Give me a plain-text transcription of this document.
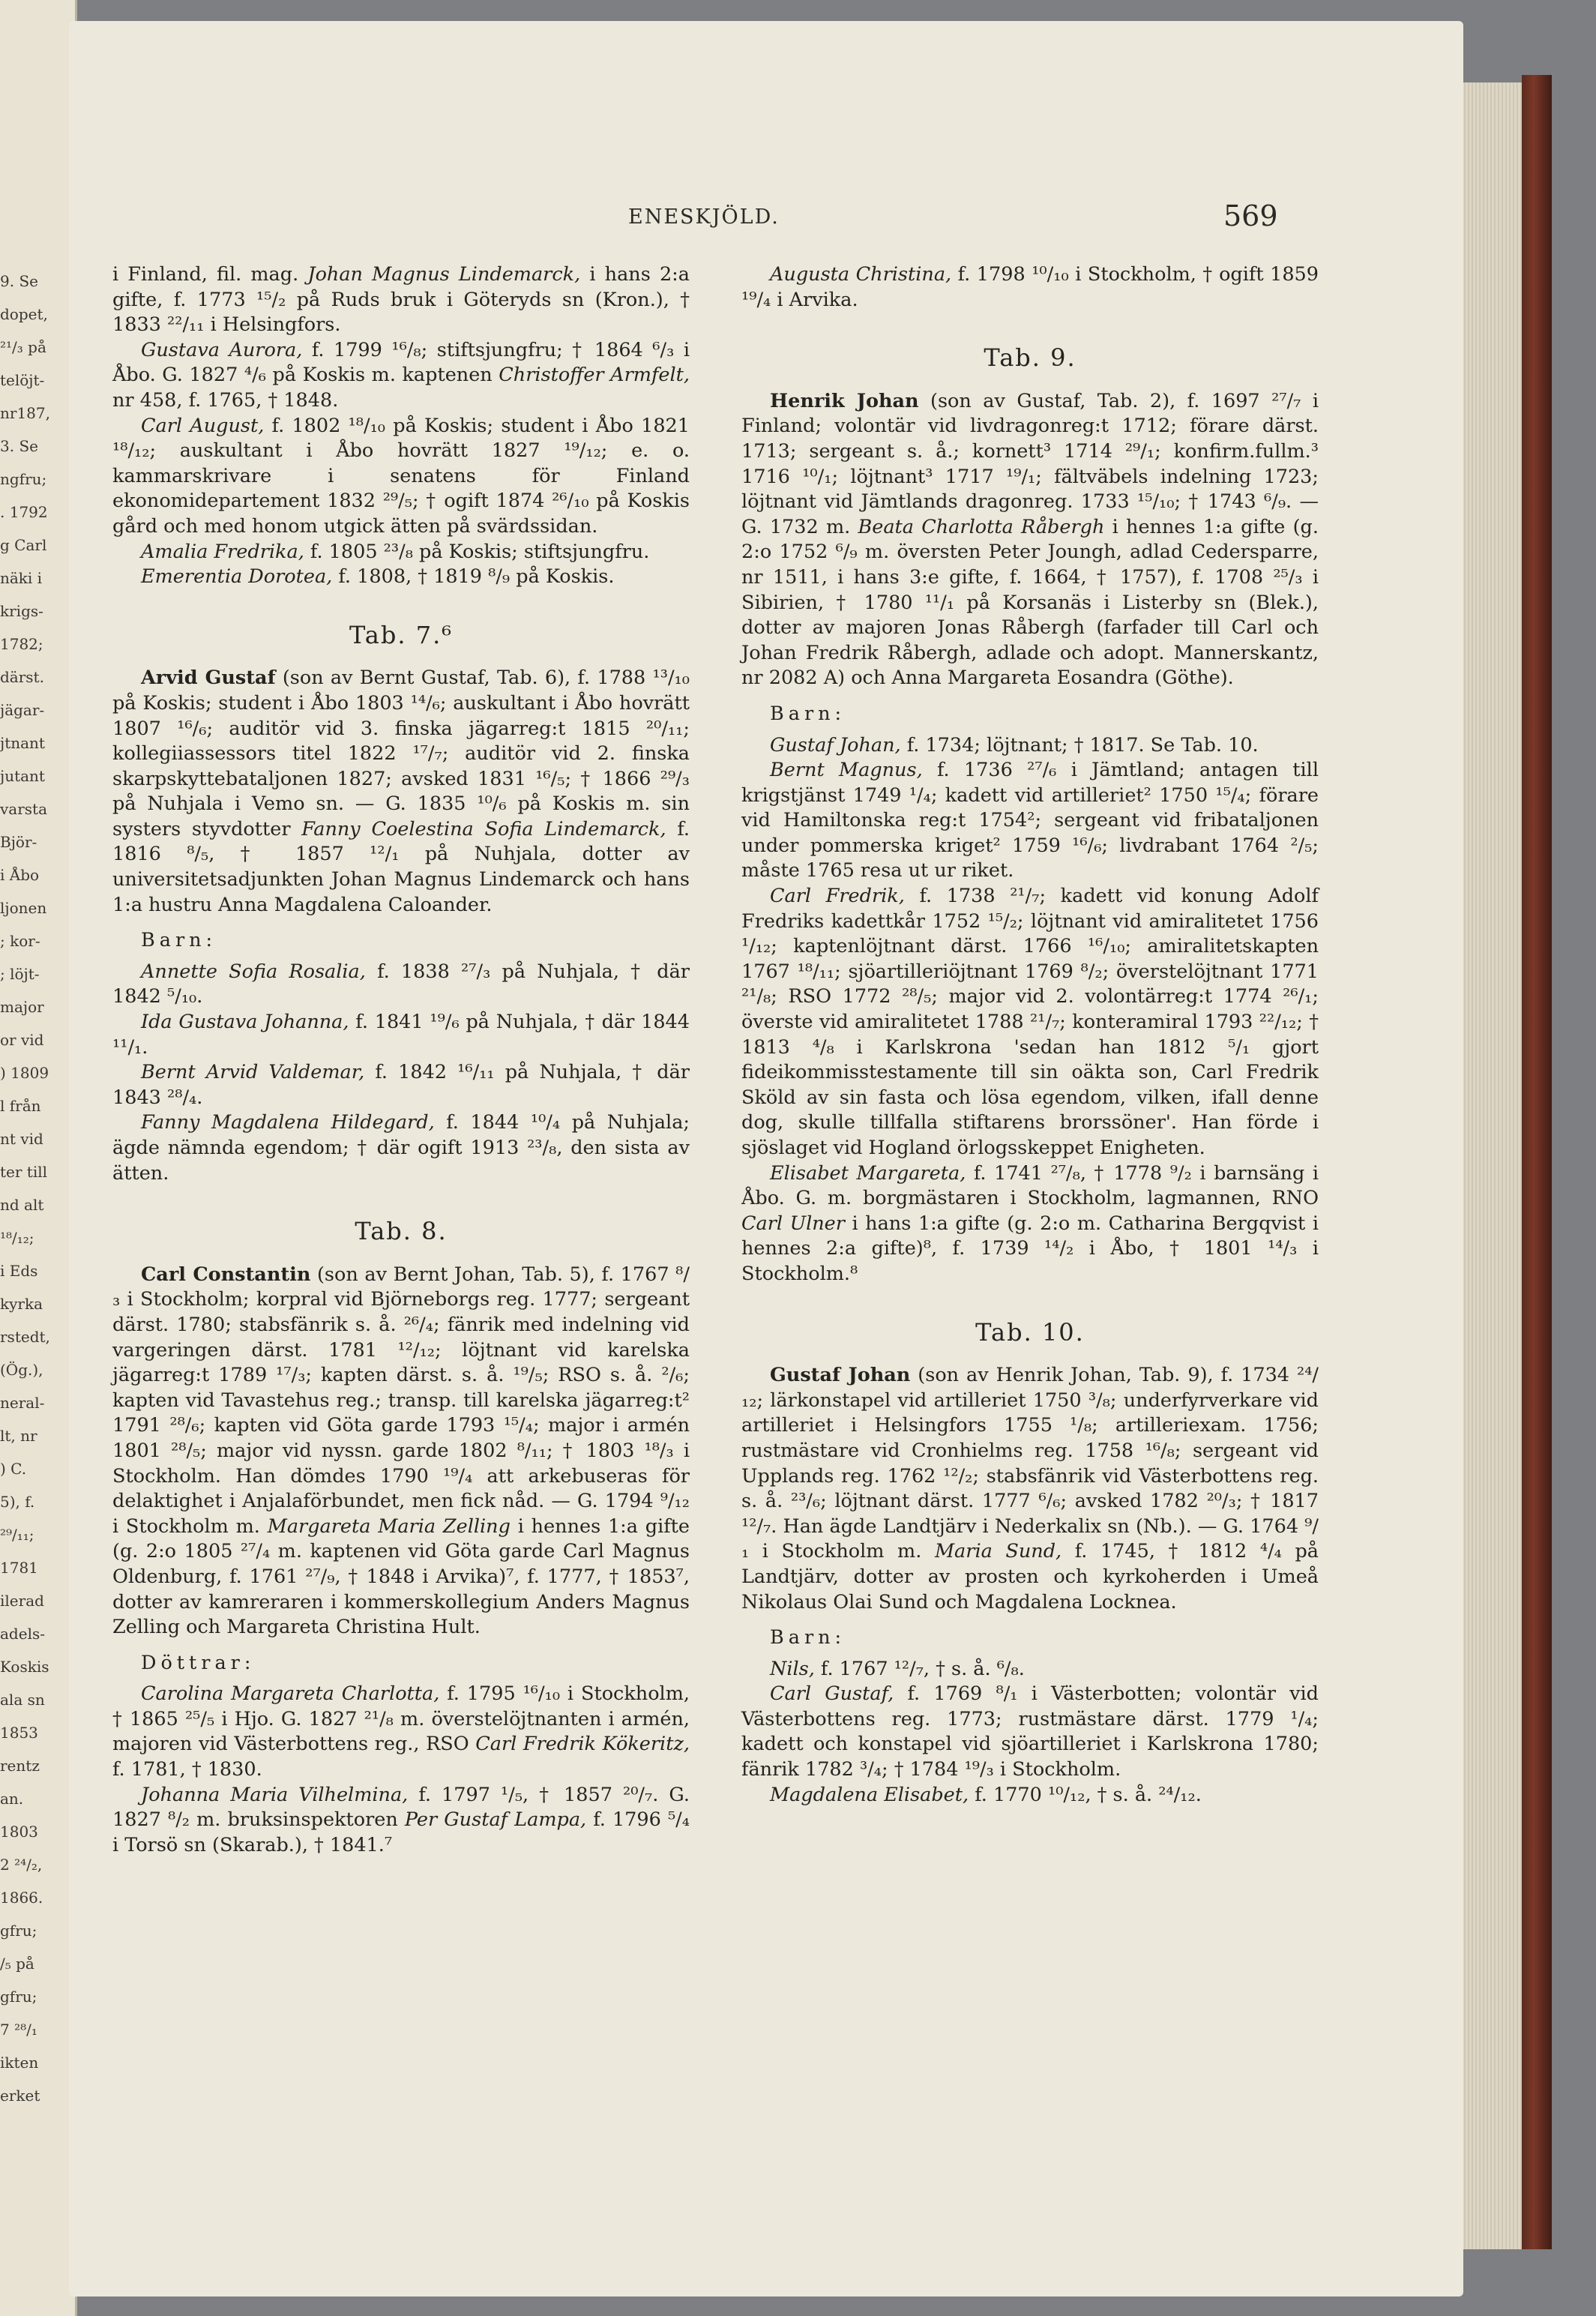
9. Se
dopet,
²¹/₃ på
telöjt-
nr187,
3. Se
ngfru;
. 1792
g Carl
näki i
krigs-
1782;
därst.
jägar-
jtnant
jutant
varsta
Björ-
i Åbo
ljonen
; kor-
; löjt-
major
or vid
) 1809
l från
nt vid
ter till
nd alt
¹⁸/₁₂;
i Eds
kyrka
rstedt,
(Ög.),
neral-
lt, nr
) C.
5), f.
²⁹/₁₁;
1781
ilerad
adels-
Koskis
ala sn
1853
rentz
an.
1803
2 ²⁴/₂,
1866.
gfru;
/₅ på
gfru;
7 ²⁸/₁
ikten
erket
ENESKJÖLD.	569

i Finland, fil. mag. Johan Magnus Lindemarck, i hans 2:a gifte, f. 1773 ¹⁵/₂ på Ruds bruk i Göteryds sn (Kron.), † 1833 ²²/₁₁ i Helsingfors.

Gustava Aurora, f. 1799 ¹⁶/₈; stiftsjungfru; † 1864 ⁶/₃ i Åbo. G. 1827 ⁴/₆ på Koskis m. kaptenen Christoffer Armfelt, nr 458, f. 1765, † 1848.

Carl August, f. 1802 ¹⁸/₁₀ på Koskis; student i Åbo 1821 ¹⁸/₁₂; auskultant i Åbo hovrätt 1827 ¹⁹/₁₂; e. o. kammarskrivare i senatens för Finland ekonomidepartement 1832 ²⁹/₅; † ogift 1874 ²⁶/₁₀ på Koskis gård och med honom utgick ätten på svärdssidan.

Amalia Fredrika, f. 1805 ²³/₈ på Koskis; stiftsjungfru.

Emerentia Dorotea, f. 1808, † 1819 ⁸/₉ på Koskis.

Tab. 7.⁶

Arvid Gustaf (son av Bernt Gustaf, Tab. 6), f. 1788 ¹³/₁₀ på Koskis; student i Åbo 1803 ¹⁴/₆; auskultant i Åbo hovrätt 1807 ¹⁶/₆; auditör vid 3. finska jägarreg:t 1815 ²⁰/₁₁; kollegiiassessors titel 1822 ¹⁷/₇; auditör vid 2. finska skarpskyttebataljonen 1827; avsked 1831 ¹⁶/₅; † 1866 ²⁹/₃ på Nuhjala i Vemo sn. — G. 1835 ¹⁰/₆ på Koskis m. sin systers styvdotter Fanny Coelestina Sofia Lindemarck, f. 1816 ⁸/₅, † 1857 ¹²/₁ på Nuhjala, dotter av universitetsadjunkten Johan Magnus Lindemarck och hans 1:a hustru Anna Magdalena Caloander.

Barn:

Annette Sofia Rosalia, f. 1838 ²⁷/₃ på Nuhjala, † där 1842 ⁵/₁₀.

Ida Gustava Johanna, f. 1841 ¹⁹/₆ på Nuhjala, † där 1844 ¹¹/₁.

Bernt Arvid Valdemar, f. 1842 ¹⁶/₁₁ på Nuhjala, † där 1843 ²⁸/₄.

Fanny Magdalena Hildegard, f. 1844 ¹⁰/₄ på Nuhjala; ägde nämnda egendom; † där ogift 1913 ²³/₈, den sista av ätten.

Tab. 8.

Carl Constantin (son av Bernt Johan, Tab. 5), f. 1767 ⁸/₃ i Stockholm; korpral vid Björneborgs reg. 1777; sergeant därst. 1780; stabsfänrik s. å. ²⁶/₄; fänrik med indelning vid vargeringen därst. 1781 ¹²/₁₂; löjtnant vid karelska jägarreg:t 1789 ¹⁷/₃; kapten därst. s. å. ¹⁹/₅; RSO s. å. ²/₆; kapten vid Tavastehus reg.; transp. till karelska jägarreg:t² 1791 ²⁸/₆; kapten vid Göta garde 1793 ¹⁵/₄; major i armén 1801 ²⁸/₅; major vid nyssn. garde 1802 ⁸/₁₁; † 1803 ¹⁸/₃ i Stockholm. Han dömdes 1790 ¹⁹/₄ att arkebuseras för delaktighet i Anjalaförbundet, men fick nåd. — G. 1794 ⁹/₁₂ i Stockholm m. Margareta Maria Zelling i hennes 1:a gifte (g. 2:o 1805 ²⁷/₄ m. kaptenen vid Göta garde Carl Magnus Oldenburg, f. 1761 ²⁷/₉, † 1848 i Arvika)⁷, f. 1777, † 1853⁷, dotter av kamreraren i kommerskollegium Anders Magnus Zelling och Margareta Christina Hult.

Döttrar:

Carolina Margareta Charlotta, f. 1795 ¹⁶/₁₀ i Stockholm, † 1865 ²⁵/₅ i Hjo. G. 1827 ²¹/₈ m. överstelöjtnanten i armén, majoren vid Västerbottens reg., RSO Carl Fredrik Kökeritz, f. 1781, † 1830.

Johanna Maria Vilhelmina, f. 1797 ¹/₅, † 1857 ²⁰/₇. G. 1827 ⁸/₂ m. bruksinspektoren Per Gustaf Lampa, f. 1796 ⁵/₄ i Torsö sn (Skarab.), † 1841.⁷

Augusta Christina, f. 1798 ¹⁰/₁₀ i Stockholm, † ogift 1859 ¹⁹/₄ i Arvika.

Tab. 9.

Henrik Johan (son av Gustaf, Tab. 2), f. 1697 ²⁷/₇ i Finland; volontär vid livdragonreg:t 1712; förare därst. 1713; sergeant s. å.; kornett³ 1714 ²⁹/₁; konfirm.fullm.³ 1716 ¹⁰/₁; löjtnant³ 1717 ¹⁹/₁; fältväbels indelning 1723; löjtnant vid Jämtlands dragonreg. 1733 ¹⁵/₁₀; † 1743 ⁶/₉. — G. 1732 m. Beata Charlotta Råbergh i hennes 1:a gifte (g. 2:o 1752 ⁶/₉ m. översten Peter Joungh, adlad Cedersparre, nr 1511, i hans 3:e gifte, f. 1664, † 1757), f. 1708 ²⁵/₃ i Sibirien, † 1780 ¹¹/₁ på Korsanäs i Listerby sn (Blek.), dotter av majoren Jonas Råbergh (farfader till Carl och Johan Fredrik Råbergh, adlade och adopt. Mannerskantz, nr 2082 A) och Anna Margareta Eosandra (Göthe).

Barn:

Gustaf Johan, f. 1734; löjtnant; † 1817. Se Tab. 10.

Bernt Magnus, f. 1736 ²⁷/₆ i Jämtland; antagen till krigstjänst 1749 ¹/₄; kadett vid artilleriet² 1750 ¹⁵/₄; förare vid Hamiltonska reg:t 1754²; sergeant vid fribataljonen under pommerska kriget² 1759 ¹⁶/₆; livdrabant 1764 ²/₅; måste 1765 resa ut ur riket.

Carl Fredrik, f. 1738 ²¹/₇; kadett vid konung Adolf Fredriks kadettkår 1752 ¹⁵/₂; löjtnant vid amiralitetet 1756 ¹/₁₂; kaptenlöjtnant därst. 1766 ¹⁶/₁₀; amiralitetskapten 1767 ¹⁸/₁₁; sjöartilleriöjtnant 1769 ⁸/₂; överstelöjtnant 1771 ²¹/₈; RSO 1772 ²⁸/₅; major vid 2. volontärreg:t 1774 ²⁶/₁; överste vid amiralitetet 1788 ²¹/₇; konteramiral 1793 ²²/₁₂; † 1813 ⁴/₈ i Karlskrona 'sedan han 1812 ⁵/₁ gjort fideikommisstestamente till sin oäkta son, Carl Fredrik Sköld av sin fasta och lösa egendom, vilken, ifall denne dog, skulle tillfalla stiftarens brorssöner'. Han förde i sjöslaget vid Hogland örlogsskeppet Enigheten.

Elisabet Margareta, f. 1741 ²⁷/₈, † 1778 ⁹/₂ i barnsäng i Åbo. G. m. borgmästaren i Stockholm, lagmannen, RNO Carl Ulner i hans 1:a gifte (g. 2:o m. Catharina Bergqvist i hennes 2:a gifte)⁸, f. 1739 ¹⁴/₂ i Åbo, † 1801 ¹⁴/₃ i Stockholm.⁸

Tab. 10.

Gustaf Johan (son av Henrik Johan, Tab. 9), f. 1734 ²⁴/₁₂; lärkonstapel vid artilleriet 1750 ³/₈; underfyrverkare vid artilleriet i Helsingfors 1755 ¹/₈; artilleriexam. 1756; rustmästare vid Cronhielms reg. 1758 ¹⁶/₈; sergeant vid Upplands reg. 1762 ¹²/₂; stabsfänrik vid Västerbottens reg. s. å. ²³/₆; löjtnant därst. 1777 ⁶/₆; avsked 1782 ²⁰/₃; † 1817 ¹²/₇. Han ägde Landtjärv i Nederkalix sn (Nb.). — G. 1764 ⁹/₁ i Stockholm m. Maria Sund, f. 1745, † 1812 ⁴/₄ på Landtjärv, dotter av prosten och kyrkoherden i Umeå Nikolaus Olai Sund och Magdalena Locknea.

Barn:

Nils, f. 1767 ¹²/₇, † s. å. ⁶/₈.

Carl Gustaf, f. 1769 ⁸/₁ i Västerbotten; volontär vid Västerbottens reg. 1773; rustmästare därst. 1779 ¹/₄; kadett och konstapel vid sjöartilleriet i Karlskrona 1780; fänrik 1782 ³/₄; † 1784 ¹⁹/₃ i Stockholm.

Magdalena Elisabet, f. 1770 ¹⁰/₁₂, † s. å. ²⁴/₁₂.
